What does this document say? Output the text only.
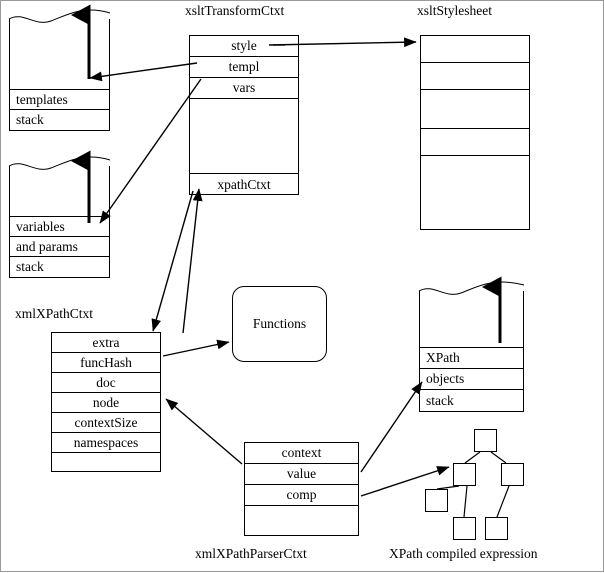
templates
stack
variables
and params
stack
xsltTransformCtxt
style
templ
vars
xpathCtxt
xsltStylesheet
Functions
xmlXPathCtxt
extra
funcHash
doc
node
contextSize
namespaces
XPath
objects
stack
context
value
comp
xmlXPathParserCtxt	XPath compiled expression
